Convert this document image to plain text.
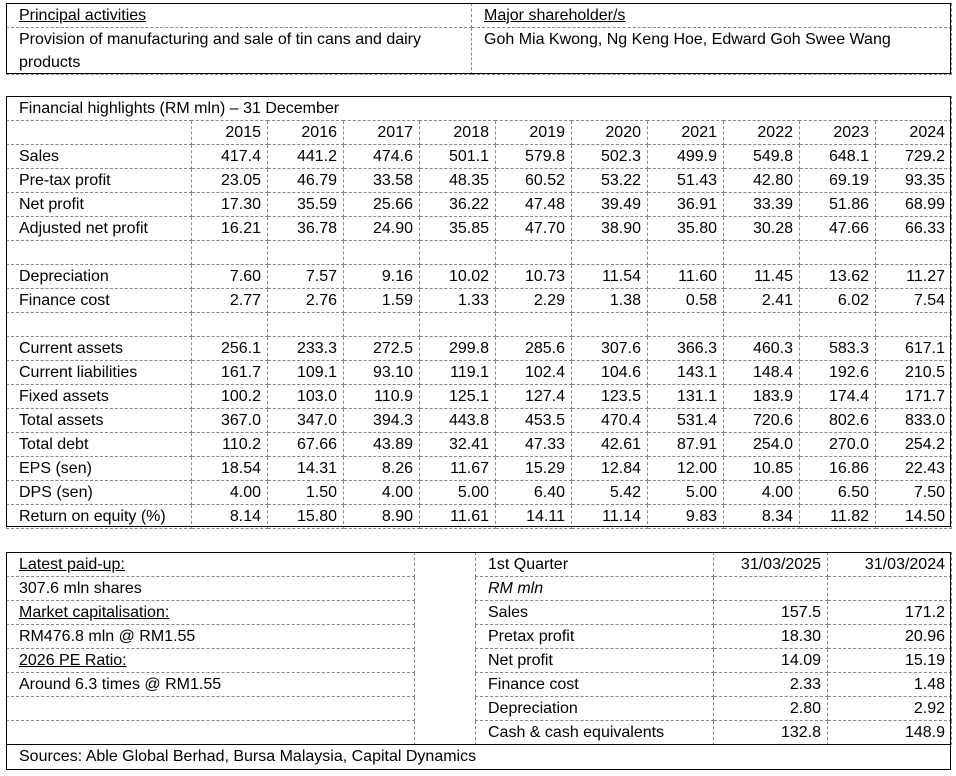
Principal activities	Major shareholder/s
Provision of manufacturing and sale of tin cans and dairy products	Goh Mia Kwong, Ng Keng Hoe, Edward Goh Swee Wang
Financial highlights (RM mln) – 31 December										
	2015	2016	2017	2018	2019	2020	2021	2022	2023	2024
Sales	417.4	441.2	474.6	501.1	579.8	502.3	499.9	549.8	648.1	729.2
Pre-tax profit	23.05	46.79	33.58	48.35	60.52	53.22	51.43	42.80	69.19	93.35
Net profit	17.30	35.59	25.66	36.22	47.48	39.49	36.91	33.39	51.86	68.99
Adjusted net profit	16.21	36.78	24.90	35.85	47.70	38.90	35.80	30.28	47.66	66.33

Depreciation	7.60	7.57	9.16	10.02	10.73	11.54	11.60	11.45	13.62	11.27
Finance cost	2.77	2.76	1.59	1.33	2.29	1.38	0.58	2.41	6.02	7.54

Current assets	256.1	233.3	272.5	299.8	285.6	307.6	366.3	460.3	583.3	617.1
Current liabilities	161.7	109.1	93.10	119.1	102.4	104.6	143.1	148.4	192.6	210.5
Fixed assets	100.2	103.0	110.9	125.1	127.4	123.5	131.1	183.9	174.4	171.7
Total assets	367.0	347.0	394.3	443.8	453.5	470.4	531.4	720.6	802.6	833.0
Total debt	110.2	67.66	43.89	32.41	47.33	42.61	87.91	254.0	270.0	254.2
EPS (sen)	18.54	14.31	8.26	11.67	15.29	12.84	12.00	10.85	16.86	22.43
DPS (sen)	4.00	1.50	4.00	5.00	6.40	5.42	5.00	4.00	6.50	7.50
Return on equity (%)	8.14	15.80	8.90	11.61	14.11	11.14	9.83	8.34	11.82	14.50
Latest paid-up:
307.6 mln shares
Market capitalisation:
RM476.8 mln @ RM1.55
2026 PE Ratio:
Around 6.3 times @ RM1.55

1st Quarter	31/03/2025	31/03/2024
RM mln		
Sales	157.5	171.2
Pretax profit	18.30	20.96
Net profit	14.09	15.19
Finance cost	2.33	1.48
Depreciation	2.80	2.92
Cash & cash equivalents	132.8	148.9
Sources: Able Global Berhad, Bursa Malaysia, Capital Dynamics
